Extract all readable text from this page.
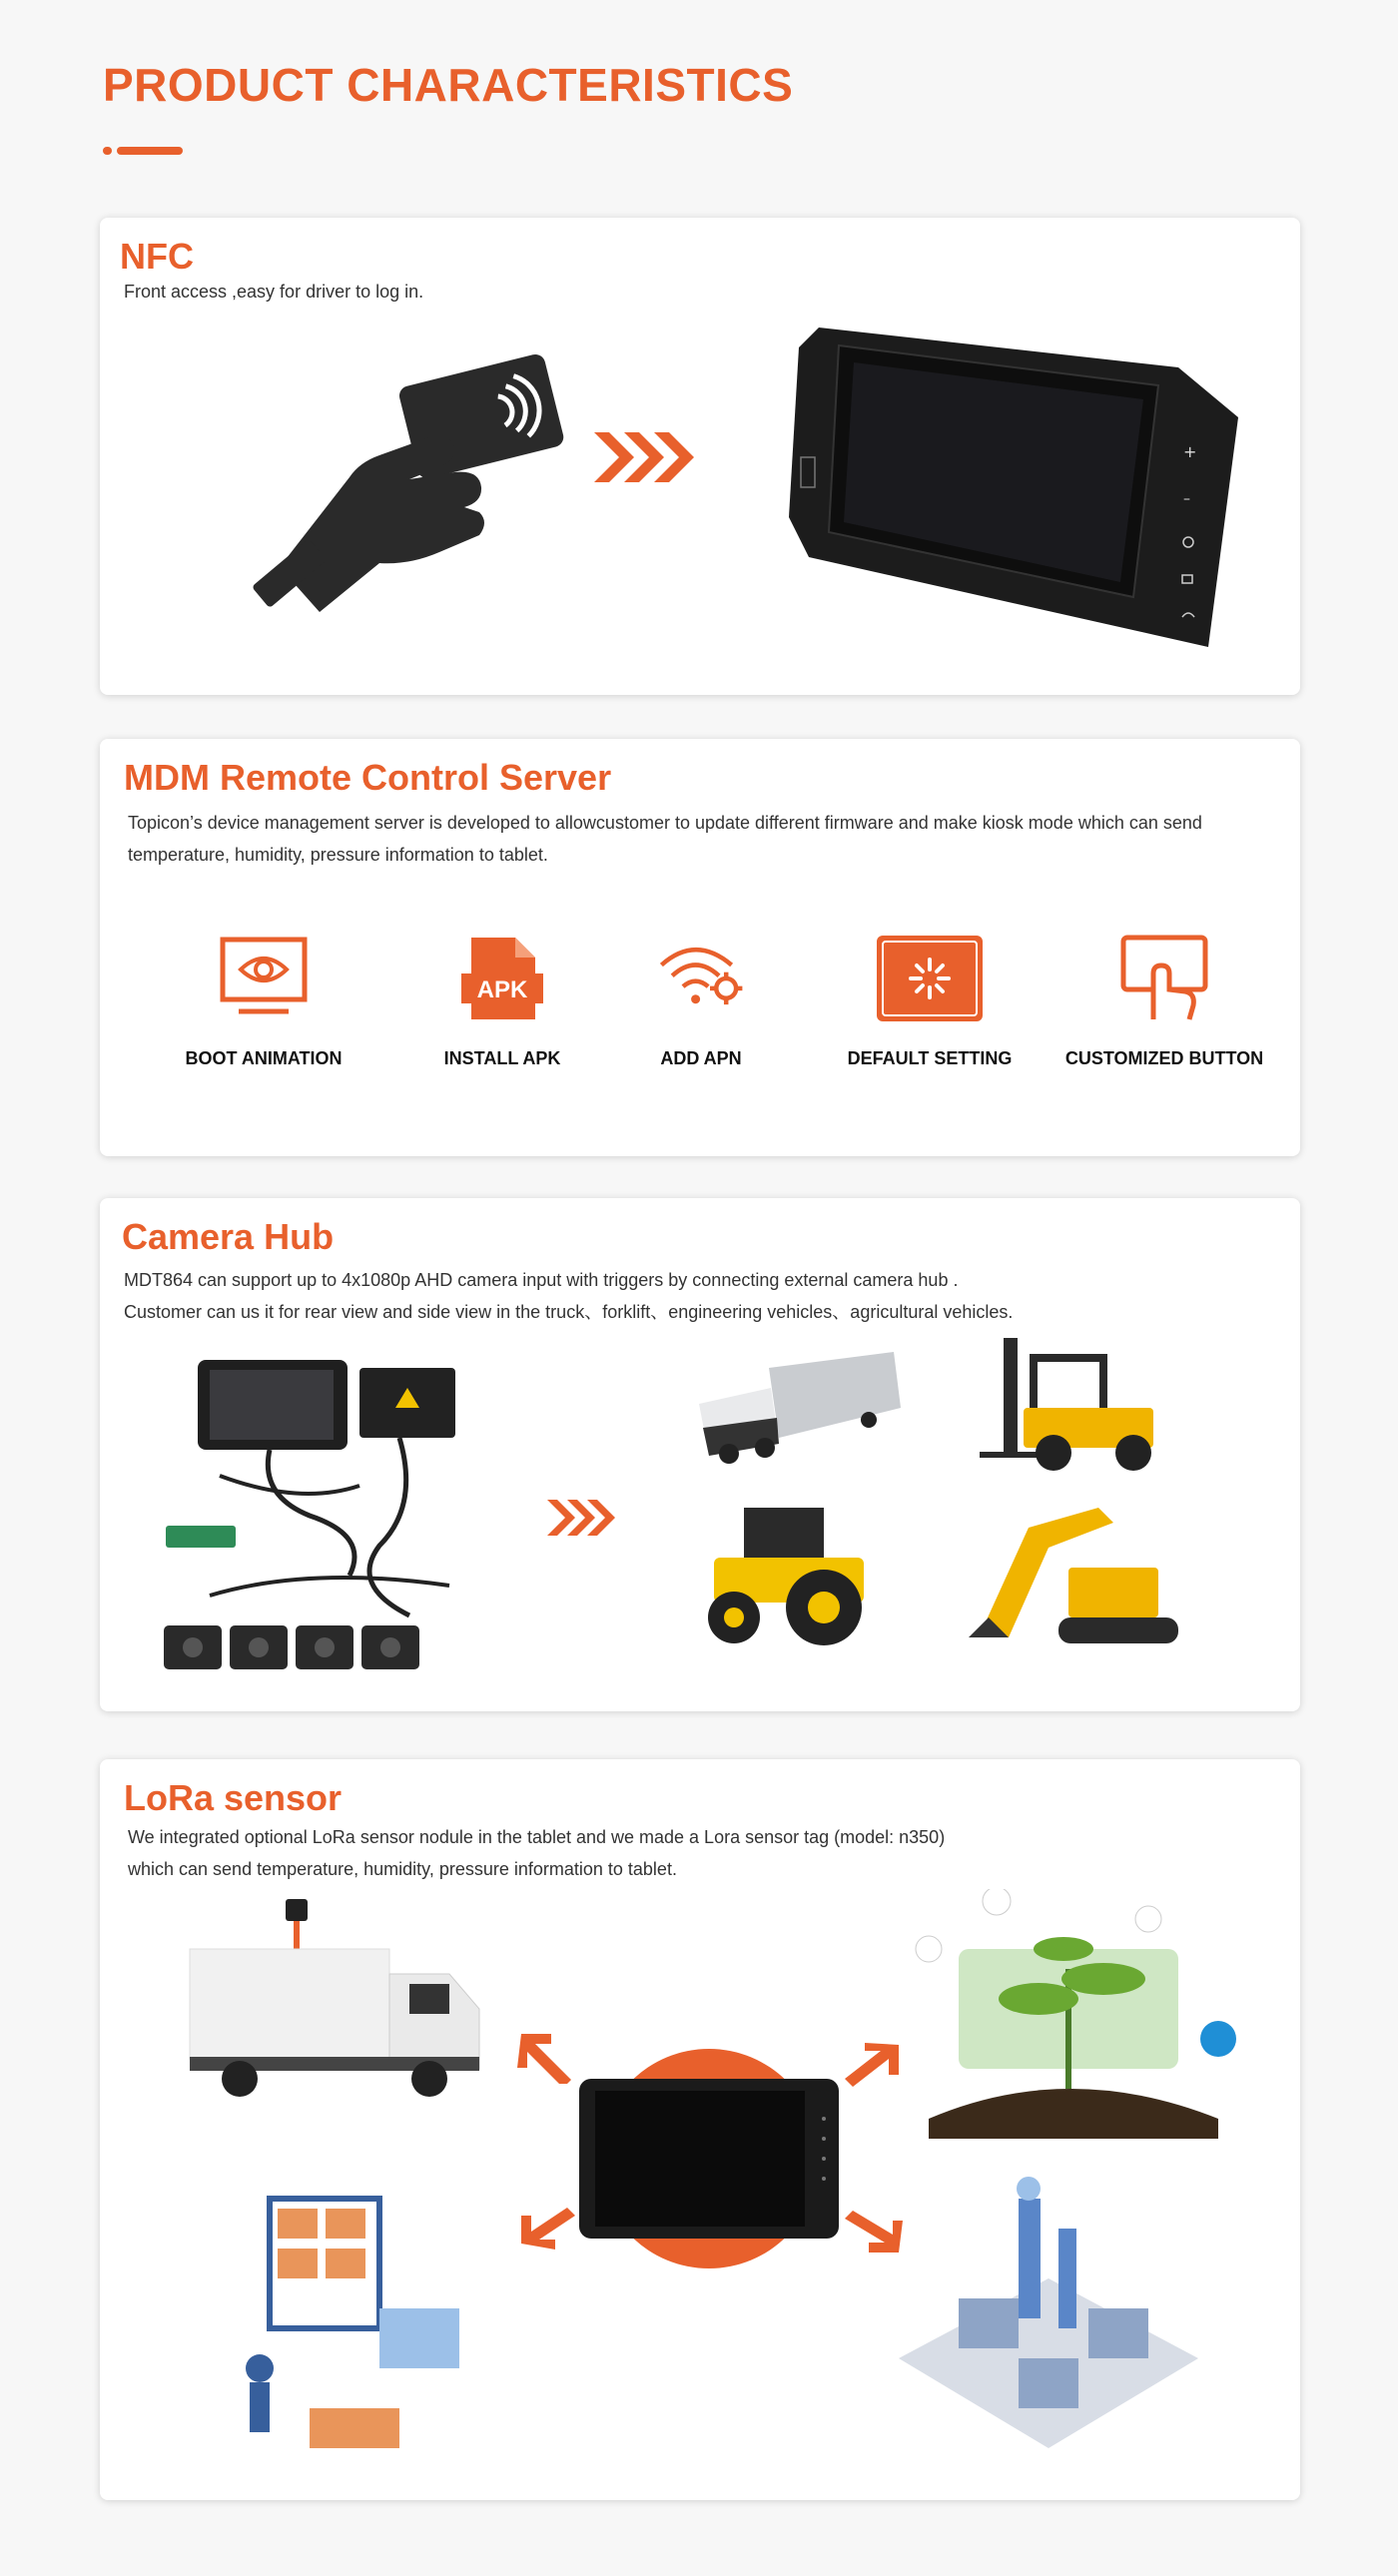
PRODUCT CHARACTERISTICS
NFC
Front access ,easy for driver to log in.
+
–
MDM Remote Control Server
Topicon’s device management server is developed to allowcustomer to update different firmware and make kiosk mode which can send temperature, humidity, pressure information to tablet.
BOOT ANIMATION
APK
INSTALL APK	ADD APN	DEFAULT SETTING	CUSTOMIZED BUTTON
Camera Hub
MDT864 can support up to 4x1080p AHD camera input with triggers by connecting external camera hub .
Customer can us it for rear view and side view in the truck、forklift、engineering vehicles、agricultural vehicles.
LoRa sensor
We integrated optional LoRa sensor nodule in the tablet and we made a Lora sensor tag (model: n350)
which can send temperature, humidity, pressure information to tablet.
